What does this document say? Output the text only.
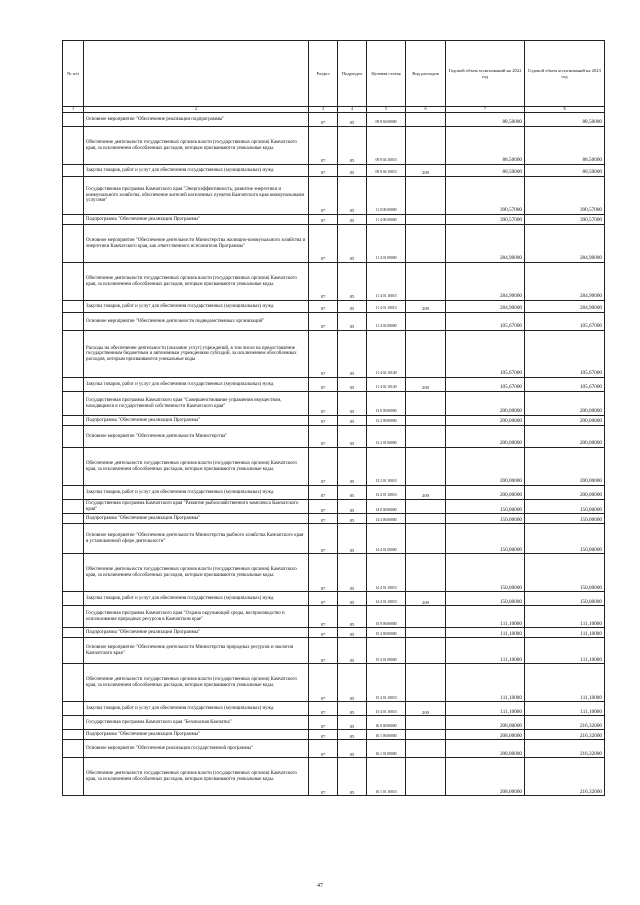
№ п/п	Наименование	Раздел	Подраздел	Целевая статья	Вид расходов	Годовой объем ассигнований на 2022 год	Годовой объем ассигнований на 2023 год
1	2	3	4	5	6	7	8
	Основное мероприятие "Обеспечение реализации подпрограммы"	07	05	09 8 04 00000		88,50000	88,50000
	Обеспечение деятельности государственных органов власти (государственных органов) Камчатского края, за исключением обособленных расходов, которым присваиваются уникальные коды.	07	05	09 8 04 10010		88,50000	88,50000
	Закупка товаров, работ и услуг для обеспечения государственных (муниципальных) нужд	07	05	09 8 04 10010	200	88,50000	88,50000
	Государственная программа Камчатского края "Энергоэффективность, развитие энергетики и коммунального хозяйства, обеспечение жителей населенных пунктов Камчатского края коммунальными услугами"	07	05	11 0 00 00000		390,57000	390,57000
	Подпрограмма "Обеспечение реализации Программы"	07	05	11 4 00 00000		390,57000	390,57000
	Основное мероприятие "Обеспечение деятельности Министерства жилищно-коммунального хозяйства и энергетики Камчатского края, как ответственного исполнителя Программы"	07	05	11 4 01 00000		284,90000	284,90000
	Обеспечение деятельности государственных органов власти (государственных органов) Камчатского края, за исключением обособленных расходов, которым присваиваются уникальные коды.	07	05	11 4 01 10010		284,90000	284,90000
	Закупка товаров, работ и услуг для обеспечения государственных (муниципальных) нужд	07	05	11 4 01 10010	200	284,90000	284,90000
	Основное мероприятие "Обеспечение деятельности подведомственных организаций"	07	05	11 4 02 00000		105,67000	105,67000
	Расходы на обеспечение деятельности (оказание услуг) учреждений, в том числе на предоставление государственным бюджетным и автономным учреждениям субсидий, за исключением обособленных расходов, которым присваиваются уникальные коды	07	05	11 4 02 10140		105,67000	105,67000
	Закупка товаров, работ и услуг для обеспечения государственных (муниципальных) нужд	07	05	11 4 02 10140	200	105,67000	105,67000
	Государственная программа Камчатского края "Совершенствование управления имуществом, находящимся в государственной собственности Камчатского края"	07	05	13 0 00 00000		200,00000	200,00000
	Подпрограмма "Обеспечение реализации Программы"	07	05	13 2 00 00000		200,00000	200,00000
	Основное мероприятие "Обеспечение деятельности Министерства"	07	05	13 2 01 00000		200,00000	200,00000
	Обеспечение деятельности государственных органов власти (государственных органов) Камчатского края, за исключением обособленных расходов, которым присваиваются уникальные коды.	07	05	13 2 01 10010		200,00000	200,00000
	Закупка товаров, работ и услуг для обеспечения государственных (муниципальных) нужд	07	05	13 2 01 10010	200	200,00000	200,00000
	Государственная программа Камчатского края "Развитие рыбохозяйственного комплекса Камчатского края"	07	05	14 0 00 00000		150,00000	150,00000
	Подпрограмма "Обеспечение реализации Программы"	07	05	14 4 00 00000		150,00000	150,00000
	Основное мероприятие "Обеспечение деятельности Министерства рыбного хозяйства Камчатского края в установленной сфере деятельности"	07	05	14 4 01 00000		150,00000	150,00000
	Обеспечение деятельности государственных органов власти (государственных органов) Камчатского края, за исключением обособленных расходов, которым присваиваются уникальные коды.	07	05	14 4 01 10010		150,00000	150,00000
	Закупка товаров, работ и услуг для обеспечения государственных (муниципальных) нужд	07	05	14 4 01 10010	200	150,00000	150,00000
	Государственная программа Камчатского края "Охрана окружающей среды, воспроизводство и использование природных ресурсов в Камчатском крае"	07	05	15 0 00 00000		111,10000	111,10000
	Подпрограмма "Обеспечение реализации Программы"	07	05	15 4 00 00000		111,10000	111,10000
	Основное мероприятие "Обеспечение деятельности Министерства природных ресурсов и экологии Камчатского края"	07	05	15 4 01 00000		111,10000	111,10000
	Обеспечение деятельности государственных органов власти (государственных органов) Камчатского края, за исключением обособленных расходов, которым присваиваются уникальные коды.	07	05	15 4 01 10010		111,10000	111,10000
	Закупка товаров, работ и услуг для обеспечения государственных (муниципальных) нужд	07	05	15 4 01 10010	200	111,10000	111,10000
	Государственная программа Камчатского края "Безопасная Камчатка"	07	05	16 0 00 00000		208,00000	216,32000
	Подпрограмма "Обеспечение реализации Программы"	07	05	16 1 00 00000		208,00000	216,32000
	Основное мероприятие "Обеспечение реализации государственной программы"	07	05	16 1 01 00000		208,00000	216,32000
	Обеспечение деятельности государственных органов власти (государственных органов) Камчатского края, за исключением обособленных расходов, которым присваиваются уникальные коды.	07	05	16 1 01 10010		208,00000	216,32000
47
